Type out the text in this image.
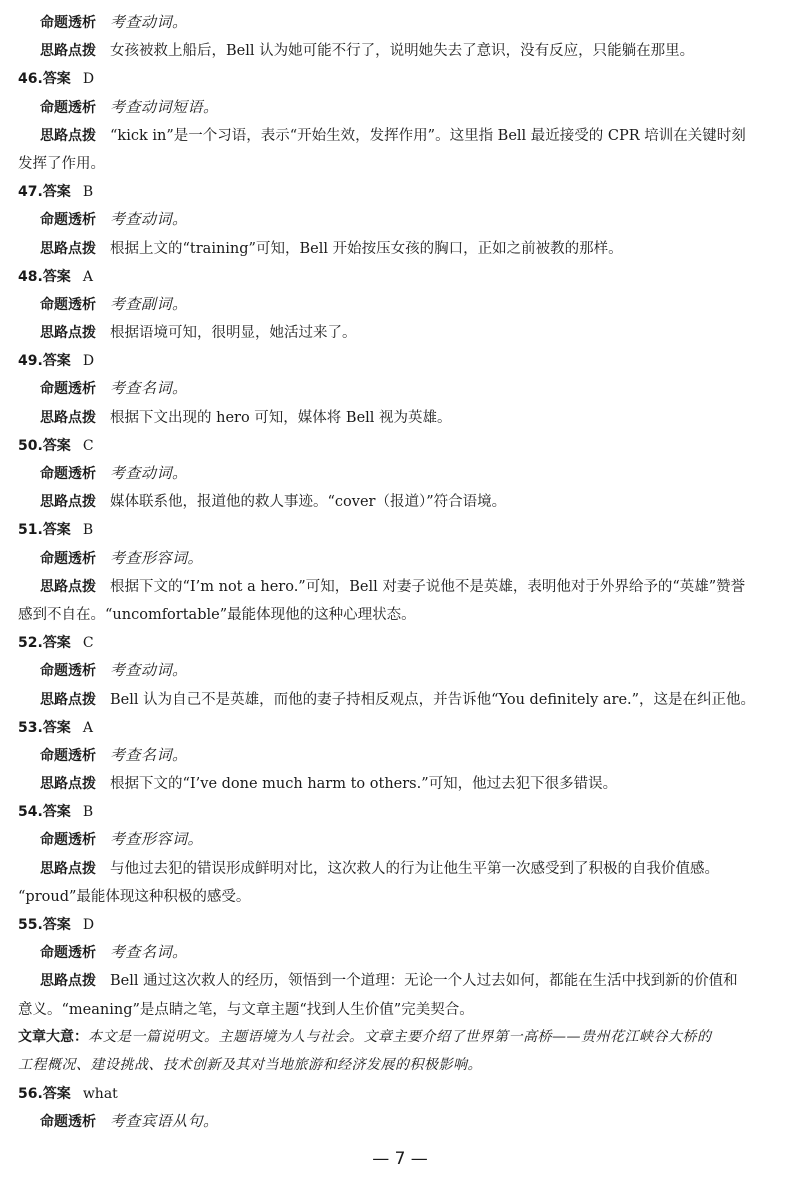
命题透析 考查动词。
思路点拨 女孩被救上船后，Bell 认为她可能不行了，说明她失去了意识，没有反应，只能躺在那里。
46.答案 D
命题透析 考查动词短语。
思路点拨 “kick in”是一个习语，表示“开始生效，发挥作用”。这里指 Bell 最近接受的 CPR 培训在关键时刻
发挥了作用。
47.答案 B
命题透析 考查动词。
思路点拨 根据上文的“training”可知，Bell 开始按压女孩的胸口，正如之前被教的那样。
48.答案 A
命题透析 考查副词。
思路点拨 根据语境可知，很明显，她活过来了。
49.答案 D
命题透析 考查名词。
思路点拨 根据下文出现的 hero 可知，媒体将 Bell 视为英雄。
50.答案 C
命题透析 考查动词。
思路点拨 媒体联系他，报道他的救人事迹。“cover（报道）”符合语境。
51.答案 B
命题透析 考查形容词。
思路点拨 根据下文的“I’m not a hero.”可知，Bell 对妻子说他不是英雄，表明他对于外界给予的“英雄”赞誉
感到不自在。“uncomfortable”最能体现他的这种心理状态。
52.答案 C
命题透析 考查动词。
思路点拨 Bell 认为自己不是英雄，而他的妻子持相反观点，并告诉他“You definitely are.”，这是在纠正他。
53.答案 A
命题透析 考查名词。
思路点拨 根据下文的“I’ve done much harm to others.”可知，他过去犯下很多错误。
54.答案 B
命题透析 考查形容词。
思路点拨 与他过去犯的错误形成鲜明对比，这次救人的行为让他生平第一次感受到了积极的自我价值感。
“proud”最能体现这种积极的感受。
55.答案 D
命题透析 考查名词。
思路点拨 Bell 通过这次救人的经历，领悟到一个道理：无论一个人过去如何，都能在生活中找到新的价值和
意义。“meaning”是点睛之笔，与文章主题“找到人生价值”完美契合。
文章大意：本文是一篇说明文。主题语境为人与社会。文章主要介绍了世界第一高桥——贵州花江峡谷大桥的
工程概况、建设挑战、技术创新及其对当地旅游和经济发展的积极影响。
56.答案 what
命题透析 考查宾语从句。
— 7 —
